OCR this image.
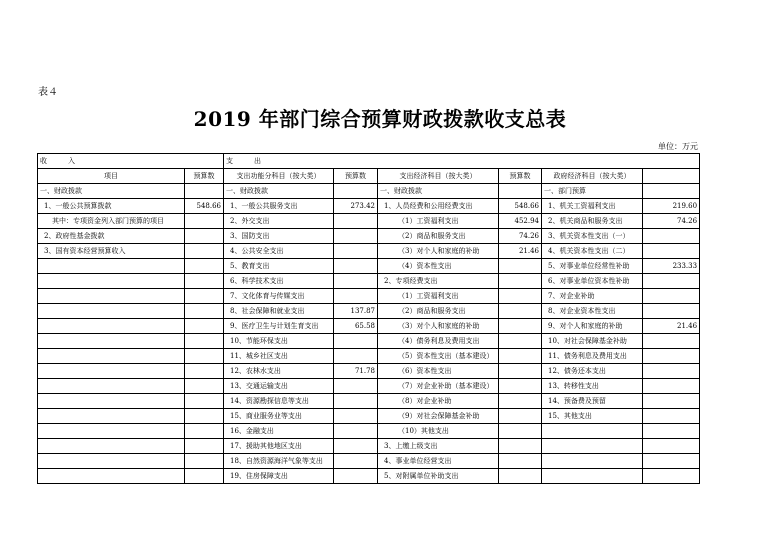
表４
2019 年部门综合预算财政拨款收支总表
单位：万元
收　　　入		支　　　出					
项目	预算数	支出功能分科目（按大类）	预算数	支出经济科目（按大类）	预算数	政府经济科目（按大类）	
一、财政拨款		一、财政拨款		一、财政拨款		一、部门预算	
1、一般公共预算拨款	548.66	1、一般公共服务支出	273.42	1、人员经费和公用经费支出	548.66	1、机关工资福利支出	219.60
其中：专项资金列入部门预算的项目		2、外交支出		（1）工资福利支出	452.94	2、机关商品和服务支出	74.26
2、政府性基金拨款		3、国防支出		（2）商品和服务支出	74.26	3、机关资本性支出（一）	
3、国有资本经营预算收入		4、公共安全支出		（3）对个人和家庭的补助	21.46	4、机关资本性支出（二）	
		5、教育支出		（4）资本性支出		5、对事业单位经常性补助	233.33
		6、科学技术支出		2、专项经费支出		6、对事业单位资本性补助	
		7、文化体育与传媒支出		（1）工资福利支出		7、对企业补助	
		8、社会保障和就业支出	137.87	（2）商品和服务支出		8、对企业资本性支出	
		9、医疗卫生与计划生育支出	65.58	（3）对个人和家庭的补助		9、对个人和家庭的补助	21.46
		10、节能环保支出		（4）债务利息及费用支出		10、对社会保障基金补助	
		11、城乡社区支出		（5）资本性支出（基本建设）		11、债务利息及费用支出	
		12、农林水支出	71.78	（6）资本性支出		12、债务还本支出	
		13、交通运输支出		（7）对企业补助（基本建设）		13、转移性支出	
		14、资源勘探信息等支出		（8）对企业补助		14、预备费及预留	
		15、商业服务业等支出		（9）对社会保障基金补助		15、其他支出	
		16、金融支出		（10）其他支出			
		17、援助其他地区支出		3、上缴上级支出			
		18、自然资源海洋气象等支出		4、事业单位经营支出			
		19、住房保障支出		5、对附属单位补助支出			
